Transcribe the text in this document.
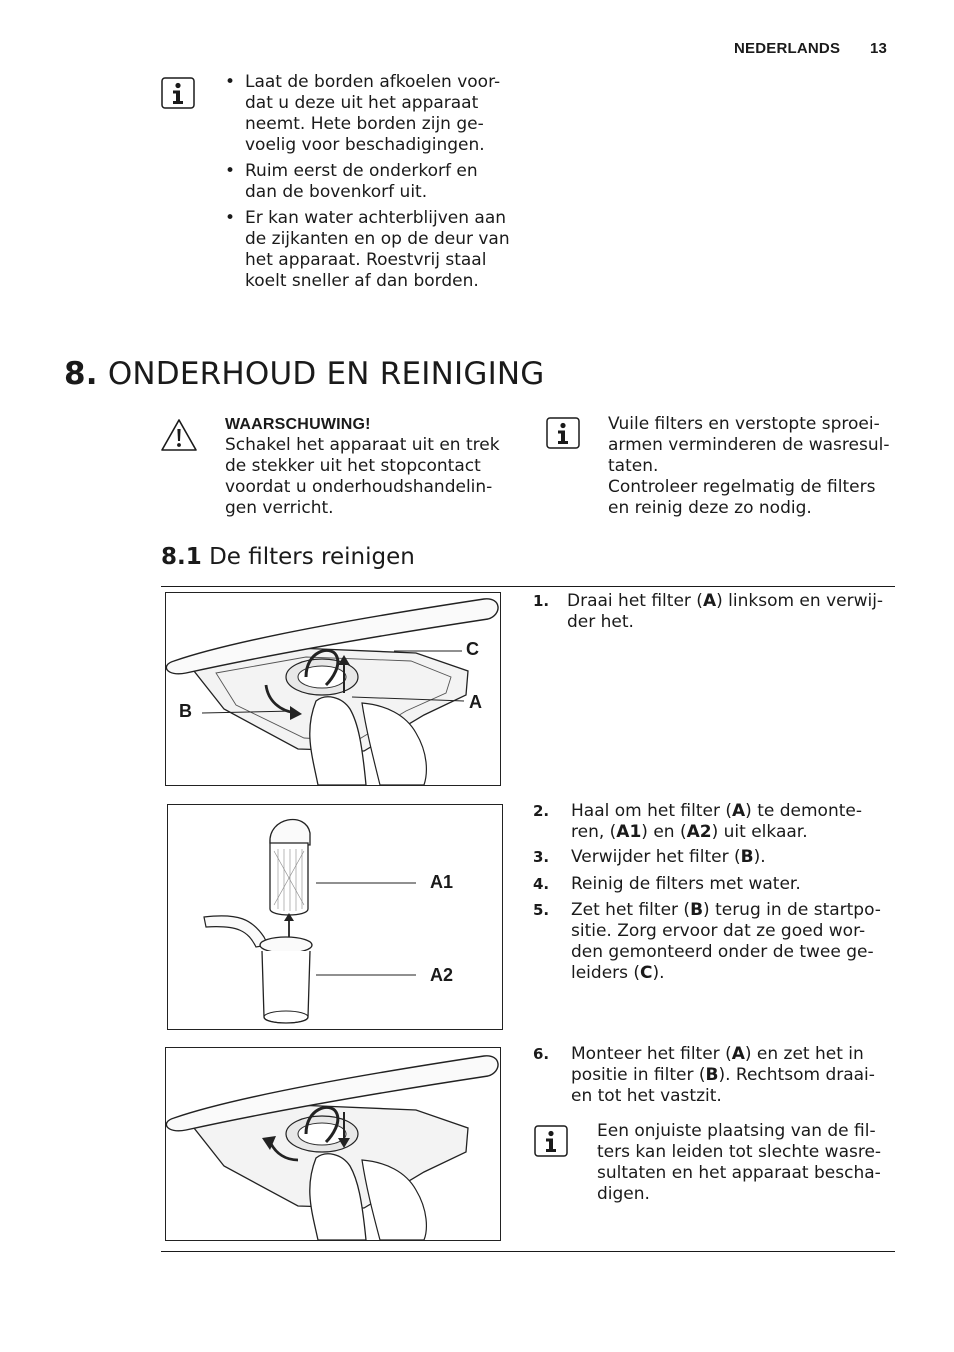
NEDERLANDS 13
• Laat de borden afkoelen voor-
dat u deze uit het apparaat
neemt. Hete borden zijn ge-
voelig voor beschadigingen.
• Ruim eerst de onderkorf en
dan de bovenkorf uit.
• Er kan water achterblijven aan
de zijkanten en op de deur van
het apparaat. Roestvrij staal
koelt sneller af dan borden.
8. ONDERHOUD EN REINIGING
WAARSCHUWING!
Schakel het apparaat uit en trek
de stekker uit het stopcontact
voordat u onderhoudshandelin-
gen verricht.
Vuile filters en verstopte sproei-
armen verminderen de wasresul-
taten.
Controleer regelmatig de filters
en reinig deze zo nodig.
8.1 De filters reinigen
C
A
B
1. Draai het filter (A) linksom en verwij-
der het.
A1
A2
2. Haal om het filter (A) te demonte-
ren, (A1) en (A2) uit elkaar.
3. Verwijder het filter (B).
4. Reinig de filters met water.
5. Zet het filter (B) terug in de startpo-
sitie. Zorg ervoor dat ze goed wor-
den gemonteerd onder de twee ge-
leiders (C).
6. Monteer het filter (A) en zet het in
positie in filter (B). Rechtsom draai-
en tot het vastzit.
Een onjuiste plaatsing van de fil-
ters kan leiden tot slechte wasre-
sultaten en het apparaat bescha-
digen.
